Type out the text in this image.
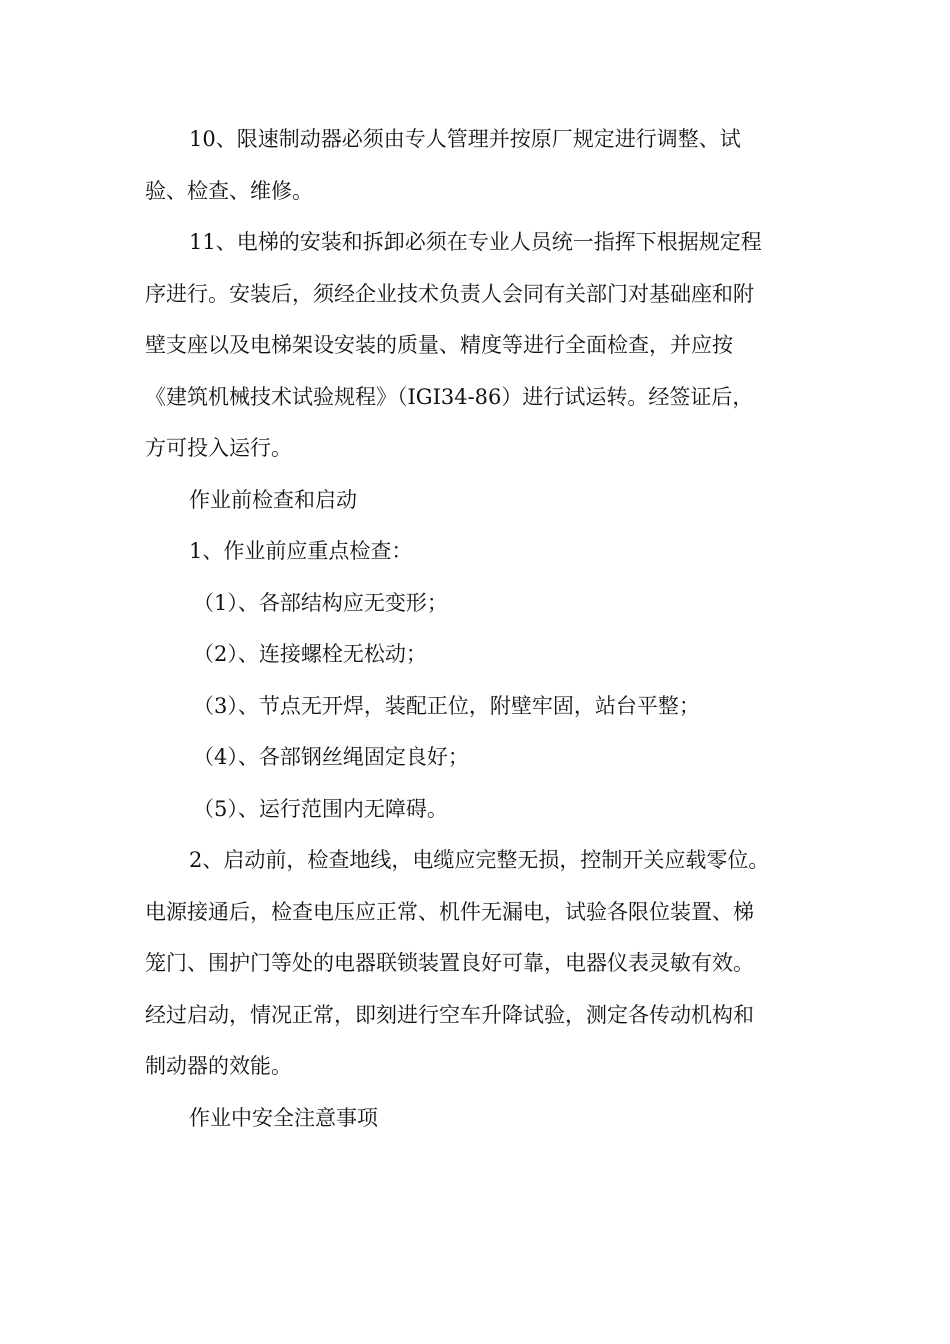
10、限速制动器必须由专人管理并按原厂规定进行调整、试
验、检查、维修。
11、电梯的安装和拆卸必须在专业人员统一指挥下根据规定程
序进行。安装后，须经企业技术负责人会同有关部门对基础座和附
壁支座以及电梯架设安装的质量、精度等进行全面检查，并应按
《建筑机械技术试验规程》（IGI34-86）进行试运转。经签证后，
方可投入运行。
作业前检查和启动
1、作业前应重点检查：
（1）、各部结构应无变形；
（2）、连接螺栓无松动；
（3）、节点无开焊，装配正位，附壁牢固，站台平整；
（4）、各部钢丝绳固定良好；
（5）、运行范围内无障碍。
2、启动前，检查地线，电缆应完整无损，控制开关应载零位。
电源接通后，检查电压应正常、机件无漏电，试验各限位装置、梯
笼门、围护门等处的电器联锁装置良好可靠，电器仪表灵敏有效。
经过启动，情况正常，即刻进行空车升降试验，测定各传动机构和
制动器的效能。
作业中安全注意事项
